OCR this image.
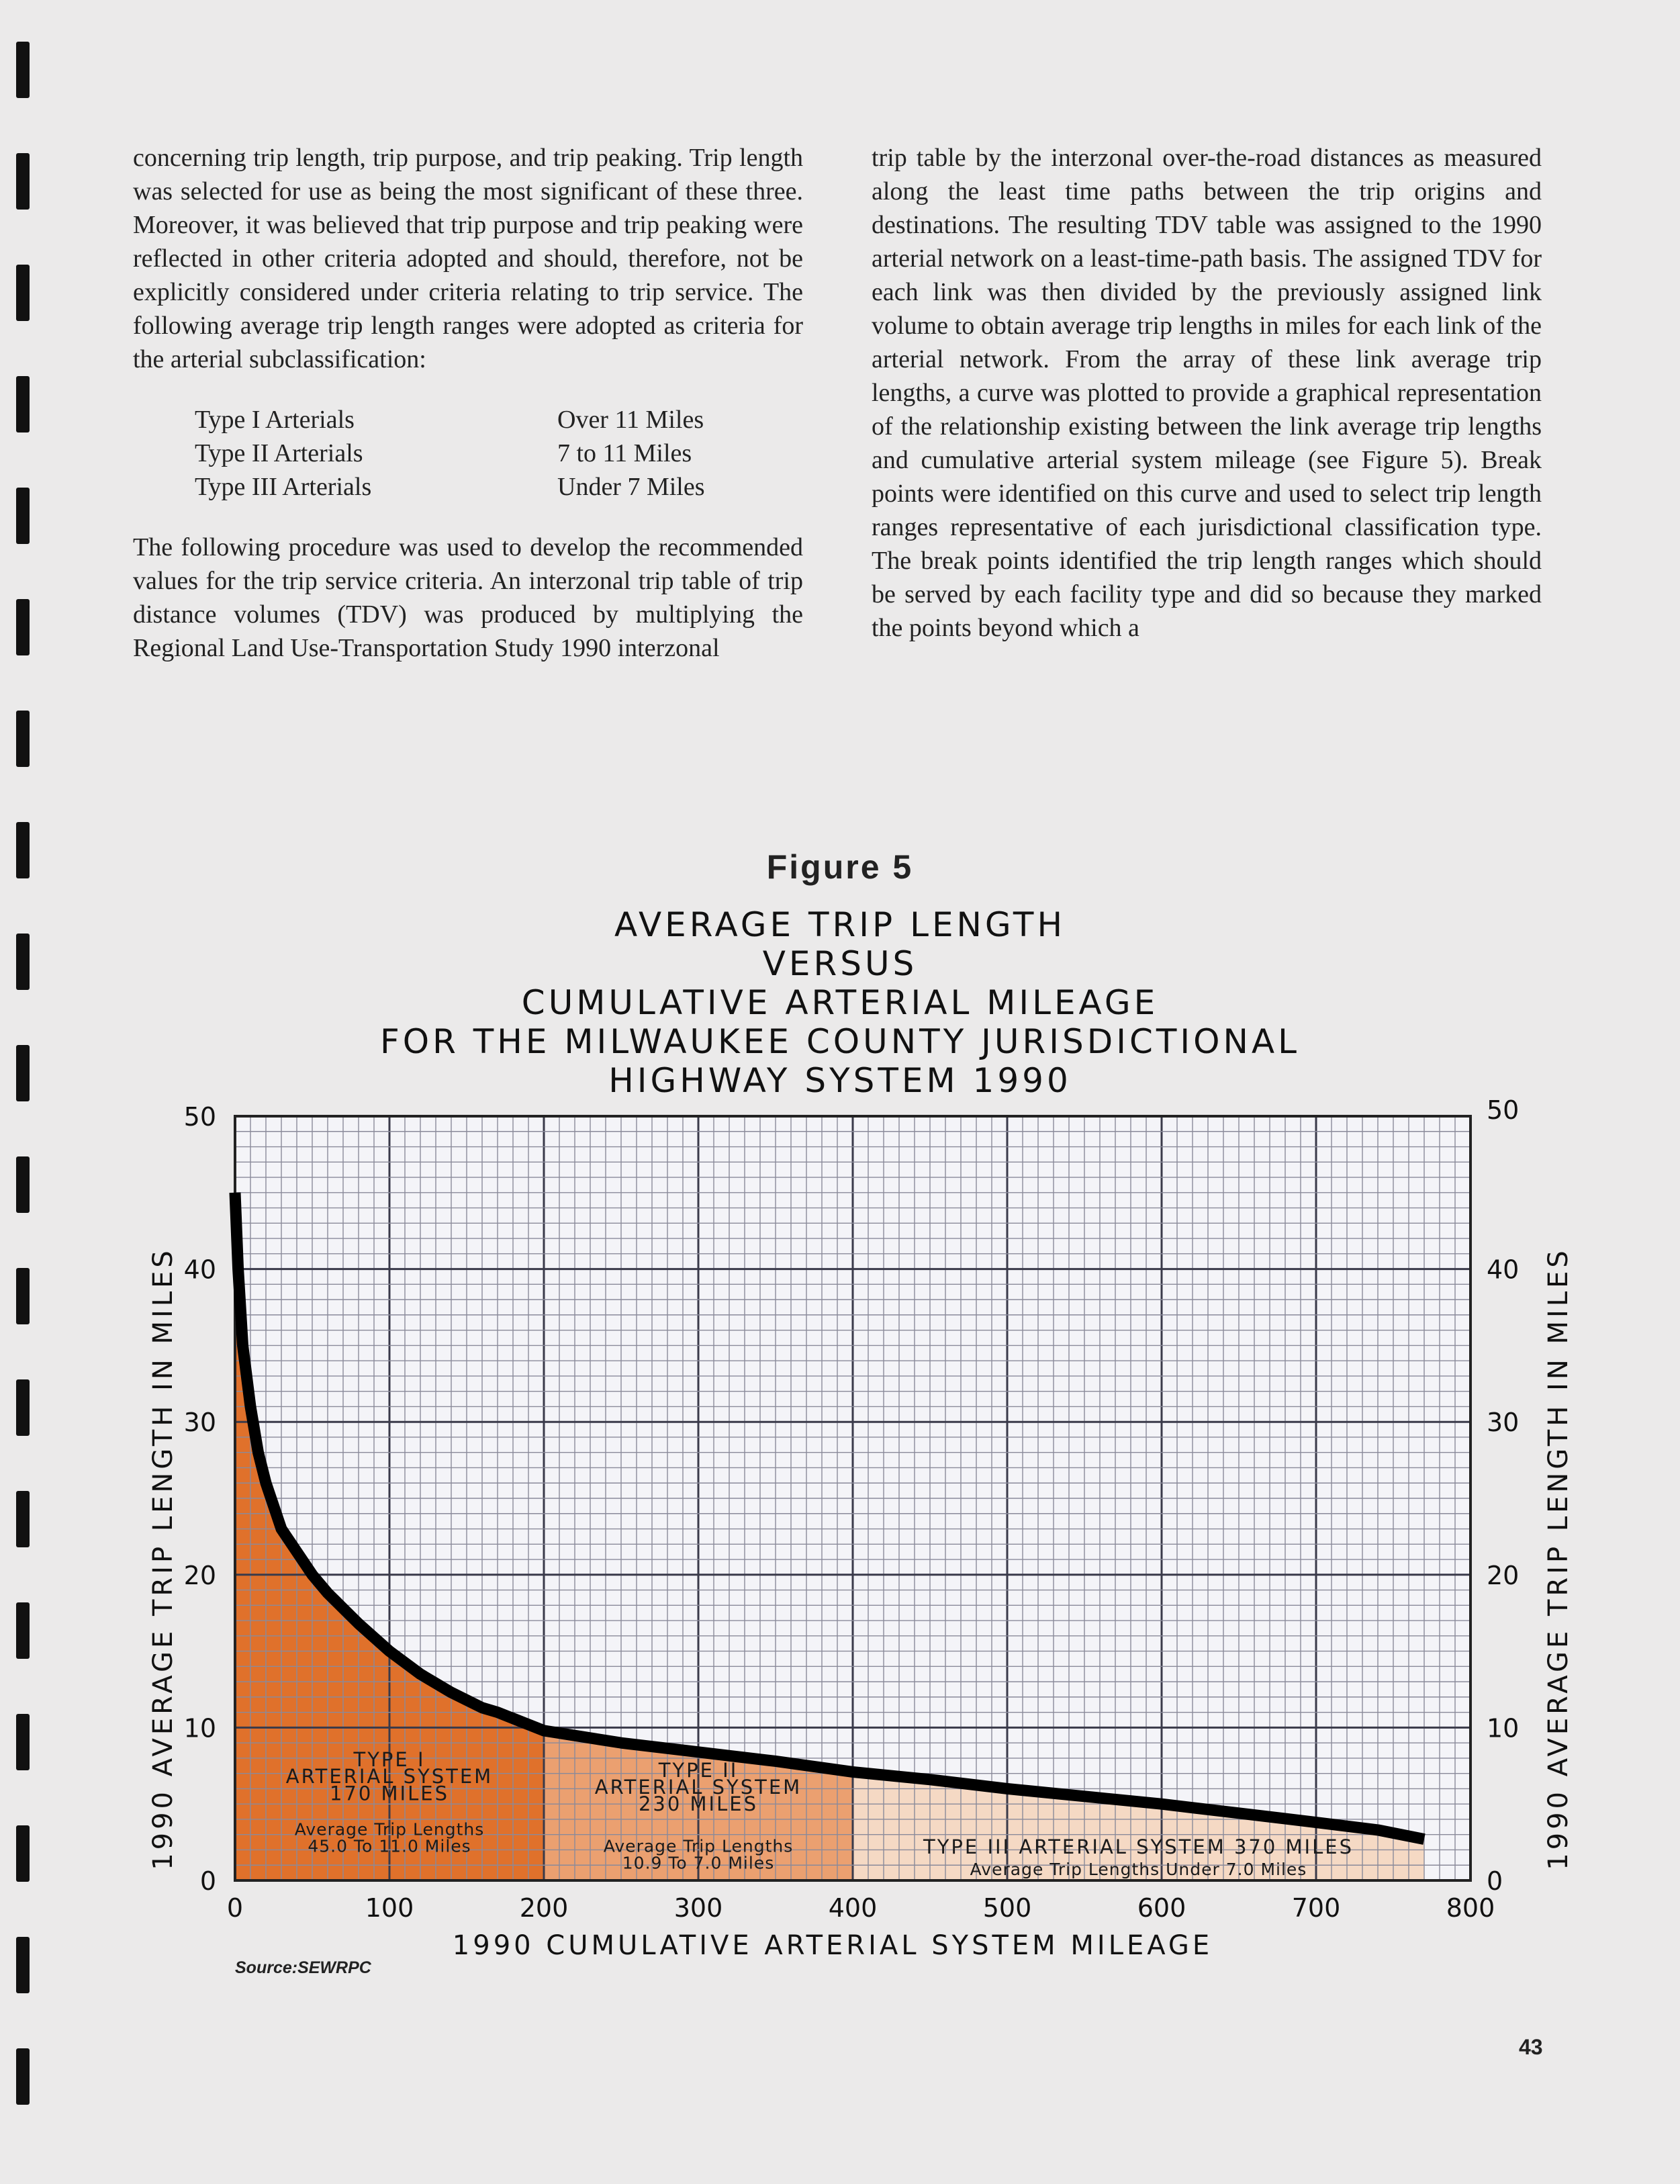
concerning trip length, trip purpose, and trip peaking. Trip length was selected for use as being the most significant of these three. Moreover, it was believed that trip purpose and trip peaking were reflected in other criteria adopted and should, therefore, not be explicitly considered under criteria relating to trip service. The following average trip length ranges were adopted as criteria for the arterial subclassification:

Type I Arterials	Over 11 Miles
Type II Arterials	7 to 11 Miles
Type III Arterials	Under 7 Miles

The following procedure was used to develop the recommended values for the trip service criteria. An interzonal trip table of trip distance volumes (TDV) was produced by multiplying the Regional Land Use-Transportation Study 1990 interzonal

trip table by the interzonal over-the-road distances as measured along the least time paths between the trip origins and destinations. The resulting TDV table was assigned to the 1990 arterial network on a least-time-path basis. The assigned TDV for each link was then divided by the previously assigned link volume to obtain average trip lengths in miles for each link of the arterial network. From the array of these link average trip lengths, a curve was plotted to provide a graphical representation of the relationship existing between the link average trip lengths and cumulative arterial system mileage (see Figure 5). Break points were identified on this curve and used to select trip length ranges representative of each jurisdictional classification type. The break points identified the trip length ranges which should be served by each facility type and did so because they marked the points beyond which a

Figure 5
AVERAGE TRIP LENGTH
VERSUS
CUMULATIVE ARTERIAL MILEAGE
FOR THE MILWAUKEE COUNTY JURISDICTIONAL
HIGHWAY SYSTEM 1990
0	100	200	300	400	500	600	700	800
0	0
10	10
20	20
30	30
40	40
50	50
1990 CUMULATIVE ARTERIAL SYSTEM MILEAGE
1990 AVERAGE TRIP LENGTH IN MILES	1990 AVERAGE TRIP LENGTH IN MILES
TYPE I
ARTERIAL SYSTEM
170 MILES
Average Trip Lengths
45.0 To 11.0 Miles
TYPE II
ARTERIAL SYSTEM
230 MILES
Average Trip Lengths
10.9 To 7.0 Miles
TYPE III ARTERIAL SYSTEM 370 MILES
Average Trip Lengths Under 7.0 Miles
Source:SEWRPC
43
